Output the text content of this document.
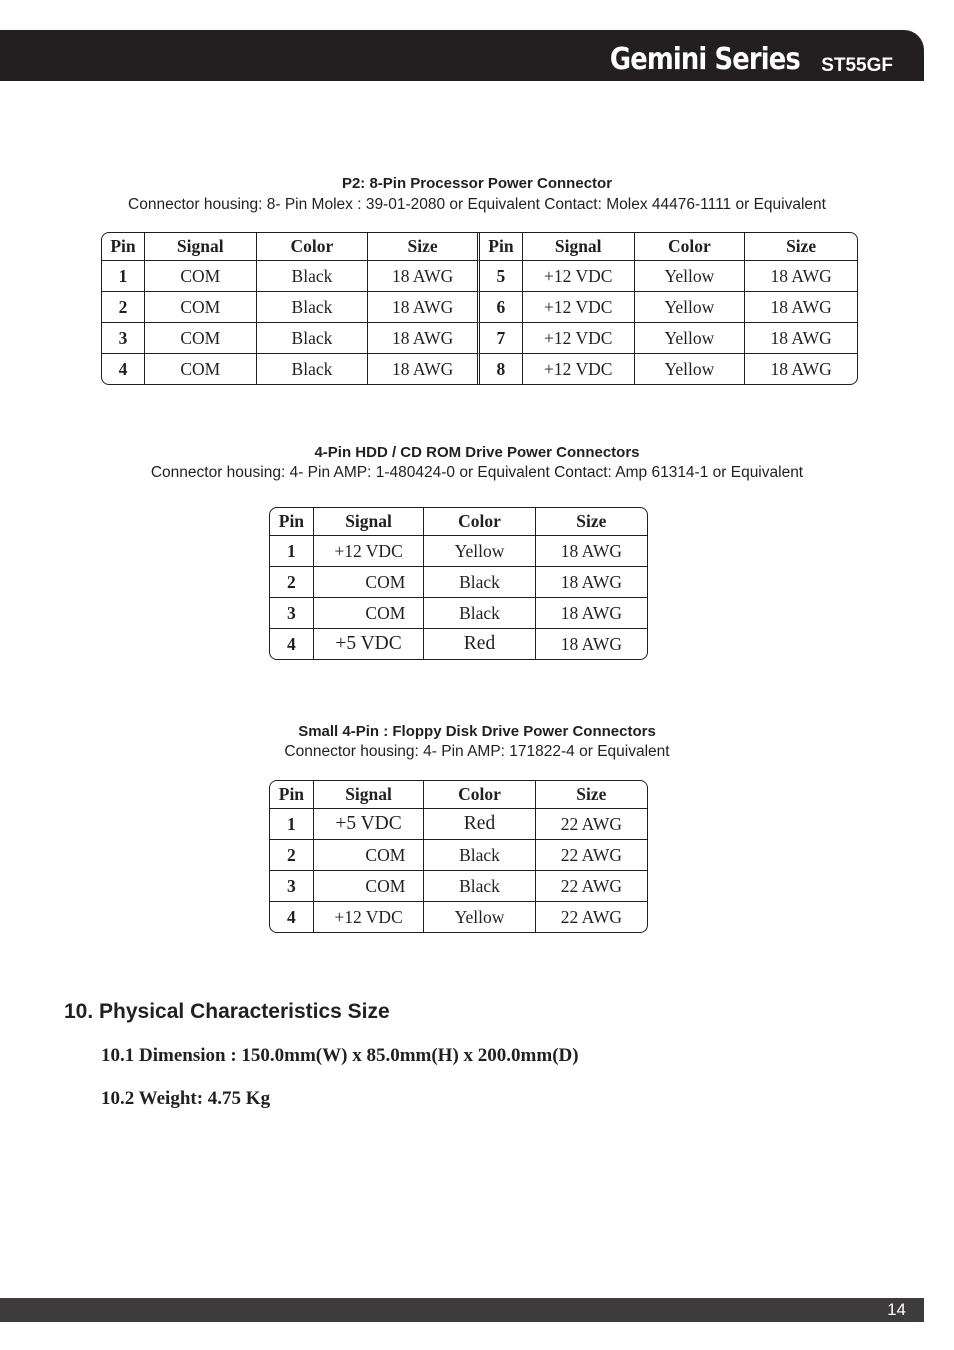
Gemini Series ST55GF

P2: 8-Pin Processor Power Connector

Connector housing: 8- Pin Molex : 39-01-2080 or Equivalent Contact: Molex 44476-1111 or Equivalent

Pin	Signal	Color	Size	Pin	Signal	Color	Size
1	COM	Black	18 AWG	5	+12 VDC	Yellow	18 AWG
2	COM	Black	18 AWG	6	+12 VDC	Yellow	18 AWG
3	COM	Black	18 AWG	7	+12 VDC	Yellow	18 AWG
4	COM	Black	18 AWG	8	+12 VDC	Yellow	18 AWG

4-Pin HDD / CD ROM Drive Power Connectors

Connector housing: 4- Pin AMP: 1-480424-0 or Equivalent Contact: Amp 61314-1 or Equivalent

Pin	Signal	Color	Size
1	+12 VDC	Yellow	18 AWG
2	COM	Black	18 AWG
3	COM	Black	18 AWG
4	+5 VDC	Red	18 AWG

Small 4-Pin : Floppy Disk Drive Power Connectors

Connector housing: 4- Pin AMP: 171822-4 or Equivalent

Pin	Signal	Color	Size
1	+5 VDC	Red	22 AWG
2	COM	Black	22 AWG
3	COM	Black	22 AWG
4	+12 VDC	Yellow	22 AWG
10. Physical Characteristics Size

10.1 Dimension : 150.0mm(W) x 85.0mm(H) x 200.0mm(D)

10.2 Weight: 4.75 Kg

14
